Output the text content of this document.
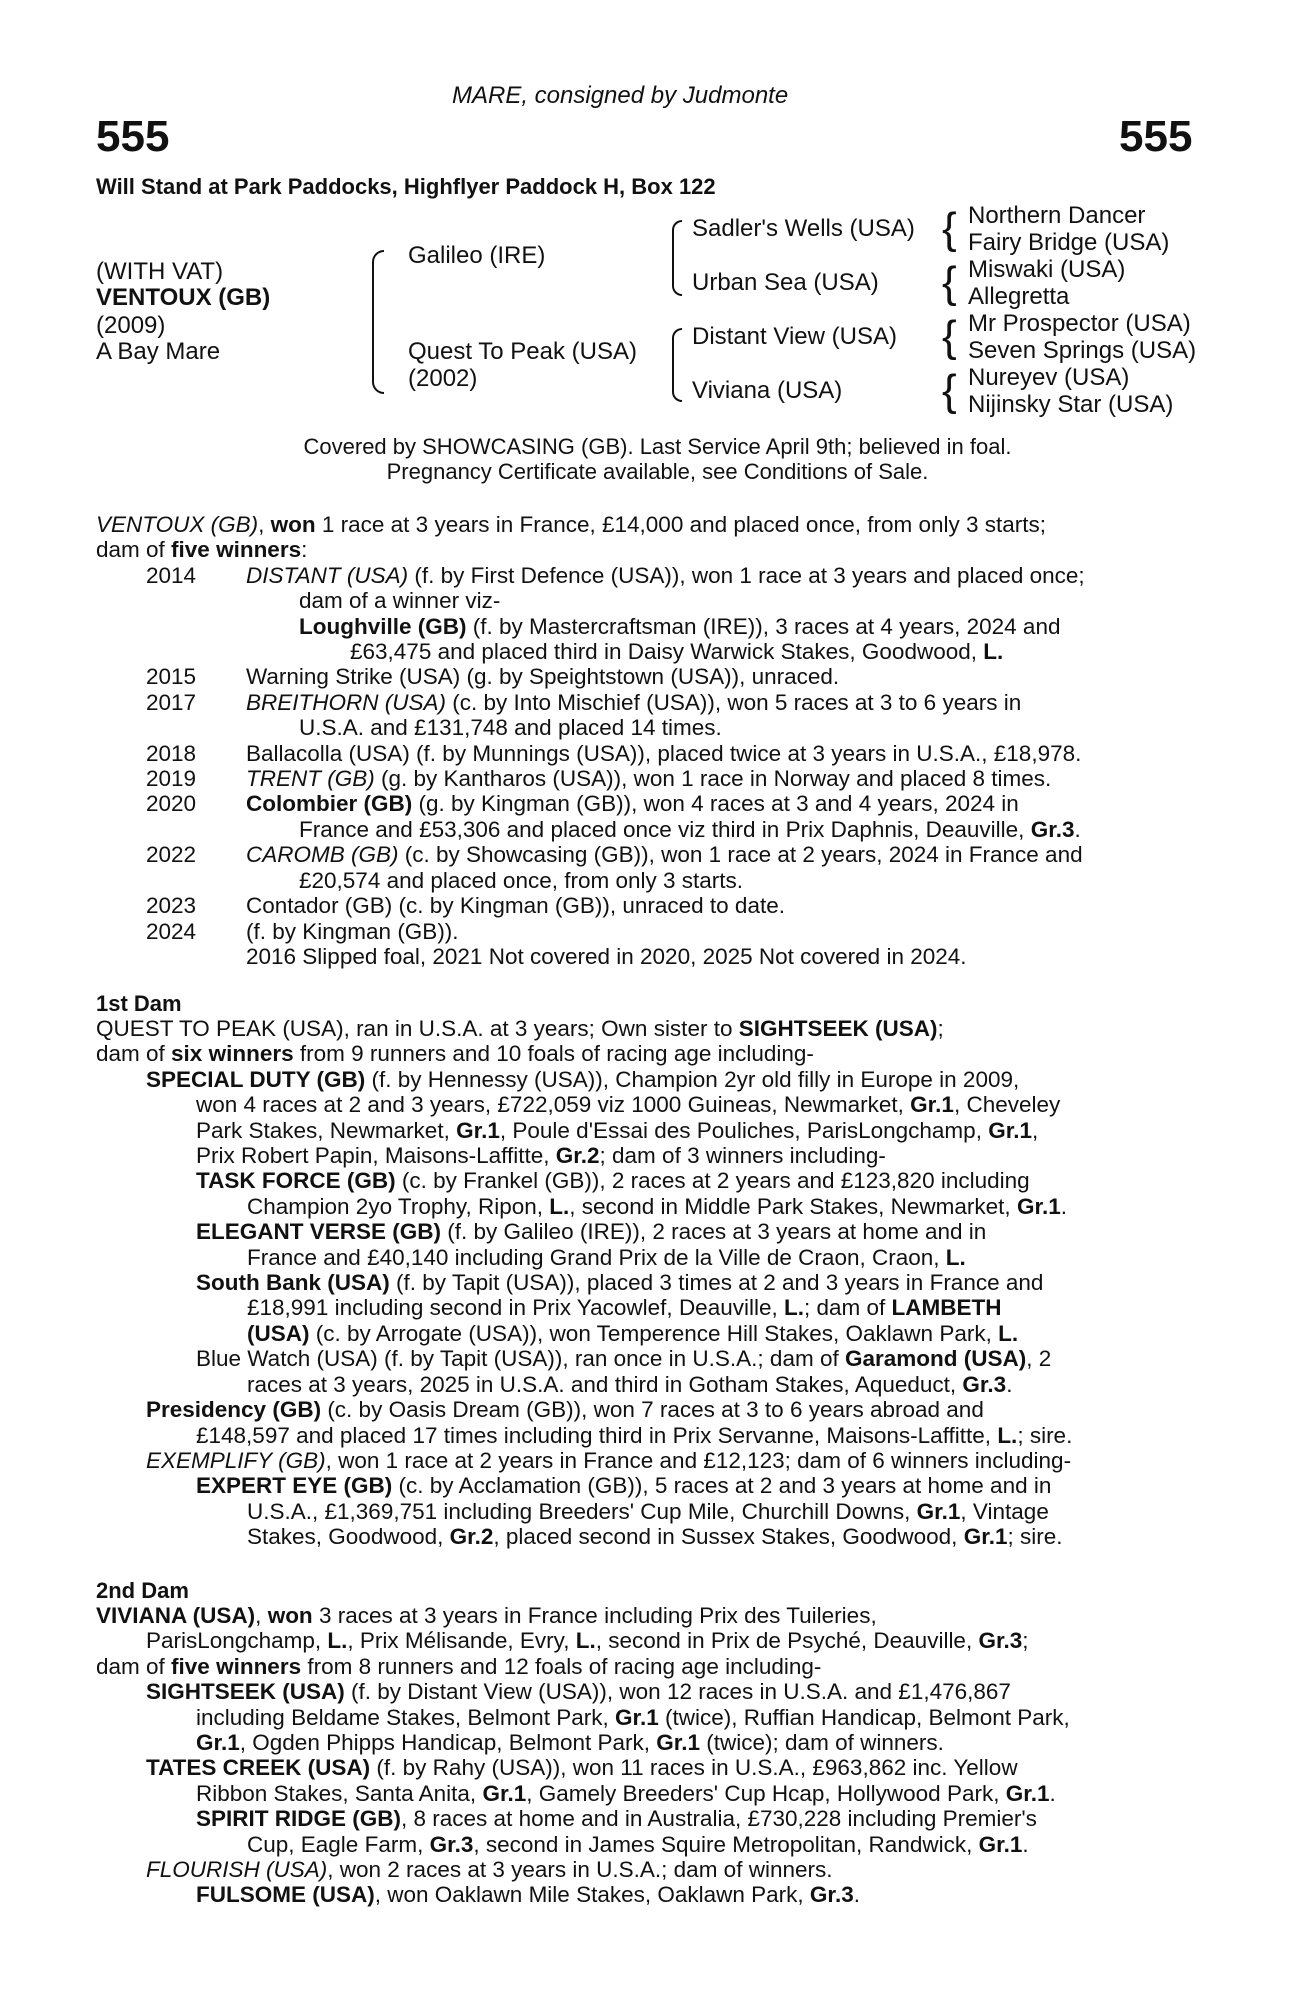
MARE, consigned by Judmonte
555	555
Will Stand at Park Paddocks, Highflyer Paddock H, Box 122
(WITH VAT)
VENTOUX (GB)
(2009)
A Bay Mare
Galileo (IRE)
Quest To Peak (USA)
(2002)
Sadler's Wells (USA)
Urban Sea (USA)
Distant View (USA)
Viviana (USA)
{
{
{
{
Northern Dancer
Fairy Bridge (USA)
Miswaki (USA)
Allegretta
Mr Prospector (USA)
Seven Springs (USA)
Nureyev (USA)
Nijinsky Star (USA)
Covered by SHOWCASING (GB). Last Service April 9th; believed in foal.
Pregnancy Certificate available, see Conditions of Sale.
VENTOUX (GB), won 1 race at 3 years in France, £14,000 and placed once, from only 3 starts;
dam of five winners:
2014 DISTANT (USA) (f. by First Defence (USA)), won 1 race at 3 years and placed once;
dam of a winner viz-
Loughville (GB) (f. by Mastercraftsman (IRE)), 3 races at 4 years, 2024 and
£63,475 and placed third in Daisy Warwick Stakes, Goodwood, L.
2015 Warning Strike (USA) (g. by Speightstown (USA)), unraced.
2017 BREITHORN (USA) (c. by Into Mischief (USA)), won 5 races at 3 to 6 years in
U.S.A. and £131,748 and placed 14 times.
2018 Ballacolla (USA) (f. by Munnings (USA)), placed twice at 3 years in U.S.A., £18,978.
2019 TRENT (GB) (g. by Kantharos (USA)), won 1 race in Norway and placed 8 times.
2020 Colombier (GB) (g. by Kingman (GB)), won 4 races at 3 and 4 years, 2024 in
France and £53,306 and placed once viz third in Prix Daphnis, Deauville, Gr.3.
2022 CAROMB (GB) (c. by Showcasing (GB)), won 1 race at 2 years, 2024 in France and
£20,574 and placed once, from only 3 starts.
2023 Contador (GB) (c. by Kingman (GB)), unraced to date.
2024 (f. by Kingman (GB)).
2016 Slipped foal, 2021 Not covered in 2020, 2025 Not covered in 2024.
1st Dam
QUEST TO PEAK (USA), ran in U.S.A. at 3 years; Own sister to SIGHTSEEK (USA);
dam of six winners from 9 runners and 10 foals of racing age including-
SPECIAL DUTY (GB) (f. by Hennessy (USA)), Champion 2yr old filly in Europe in 2009,
won 4 races at 2 and 3 years, £722,059 viz 1000 Guineas, Newmarket, Gr.1, Cheveley
Park Stakes, Newmarket, Gr.1, Poule d'Essai des Pouliches, ParisLongchamp, Gr.1,
Prix Robert Papin, Maisons-Laffitte, Gr.2; dam of 3 winners including-
TASK FORCE (GB) (c. by Frankel (GB)), 2 races at 2 years and £123,820 including
Champion 2yo Trophy, Ripon, L., second in Middle Park Stakes, Newmarket, Gr.1.
ELEGANT VERSE (GB) (f. by Galileo (IRE)), 2 races at 3 years at home and in
France and £40,140 including Grand Prix de la Ville de Craon, Craon, L.
South Bank (USA) (f. by Tapit (USA)), placed 3 times at 2 and 3 years in France and
£18,991 including second in Prix Yacowlef, Deauville, L.; dam of LAMBETH
(USA) (c. by Arrogate (USA)), won Temperence Hill Stakes, Oaklawn Park, L.
Blue Watch (USA) (f. by Tapit (USA)), ran once in U.S.A.; dam of Garamond (USA), 2
races at 3 years, 2025 in U.S.A. and third in Gotham Stakes, Aqueduct, Gr.3.
Presidency (GB) (c. by Oasis Dream (GB)), won 7 races at 3 to 6 years abroad and
£148,597 and placed 17 times including third in Prix Servanne, Maisons-Laffitte, L.; sire.
EXEMPLIFY (GB), won 1 race at 2 years in France and £12,123; dam of 6 winners including-
EXPERT EYE (GB) (c. by Acclamation (GB)), 5 races at 2 and 3 years at home and in
U.S.A., £1,369,751 including Breeders' Cup Mile, Churchill Downs, Gr.1, Vintage
Stakes, Goodwood, Gr.2, placed second in Sussex Stakes, Goodwood, Gr.1; sire.
2nd Dam
VIVIANA (USA), won 3 races at 3 years in France including Prix des Tuileries,
ParisLongchamp, L., Prix Mélisande, Evry, L., second in Prix de Psyché, Deauville, Gr.3;
dam of five winners from 8 runners and 12 foals of racing age including-
SIGHTSEEK (USA) (f. by Distant View (USA)), won 12 races in U.S.A. and £1,476,867
including Beldame Stakes, Belmont Park, Gr.1 (twice), Ruffian Handicap, Belmont Park,
Gr.1, Ogden Phipps Handicap, Belmont Park, Gr.1 (twice); dam of winners.
TATES CREEK (USA) (f. by Rahy (USA)), won 11 races in U.S.A., £963,862 inc. Yellow
Ribbon Stakes, Santa Anita, Gr.1, Gamely Breeders' Cup Hcap, Hollywood Park, Gr.1.
SPIRIT RIDGE (GB), 8 races at home and in Australia, £730,228 including Premier's
Cup, Eagle Farm, Gr.3, second in James Squire Metropolitan, Randwick, Gr.1.
FLOURISH (USA), won 2 races at 3 years in U.S.A.; dam of winners.
FULSOME (USA), won Oaklawn Mile Stakes, Oaklawn Park, Gr.3.
